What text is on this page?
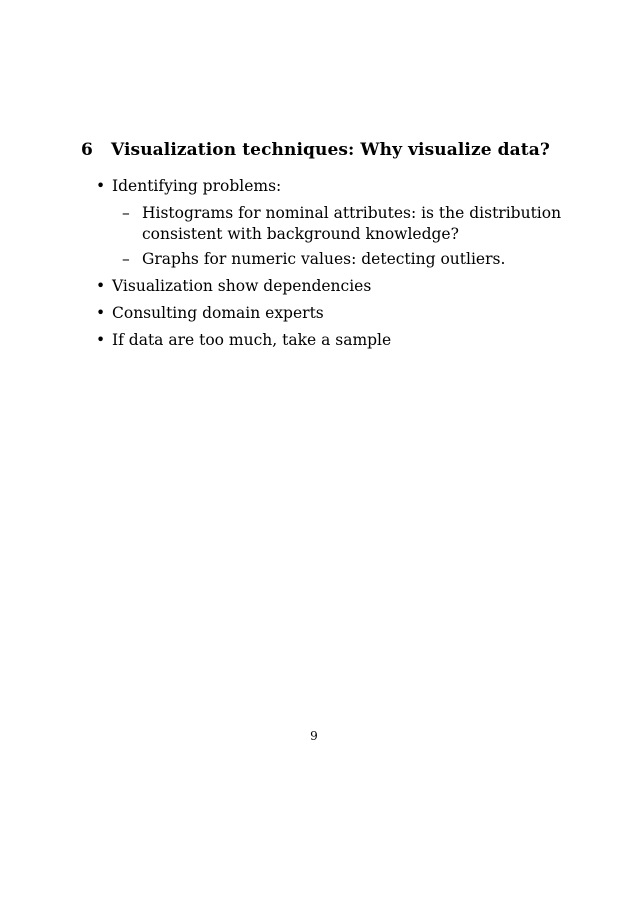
6 Visualization techniques: Why visualize data?
• Identifying problems:
– Histograms for nominal attributes: is the distribution consistent with background knowledge?
– Graphs for numeric values: detecting outliers.
• Visualization show dependencies
• Consulting domain experts
• If data are too much, take a sample
9
